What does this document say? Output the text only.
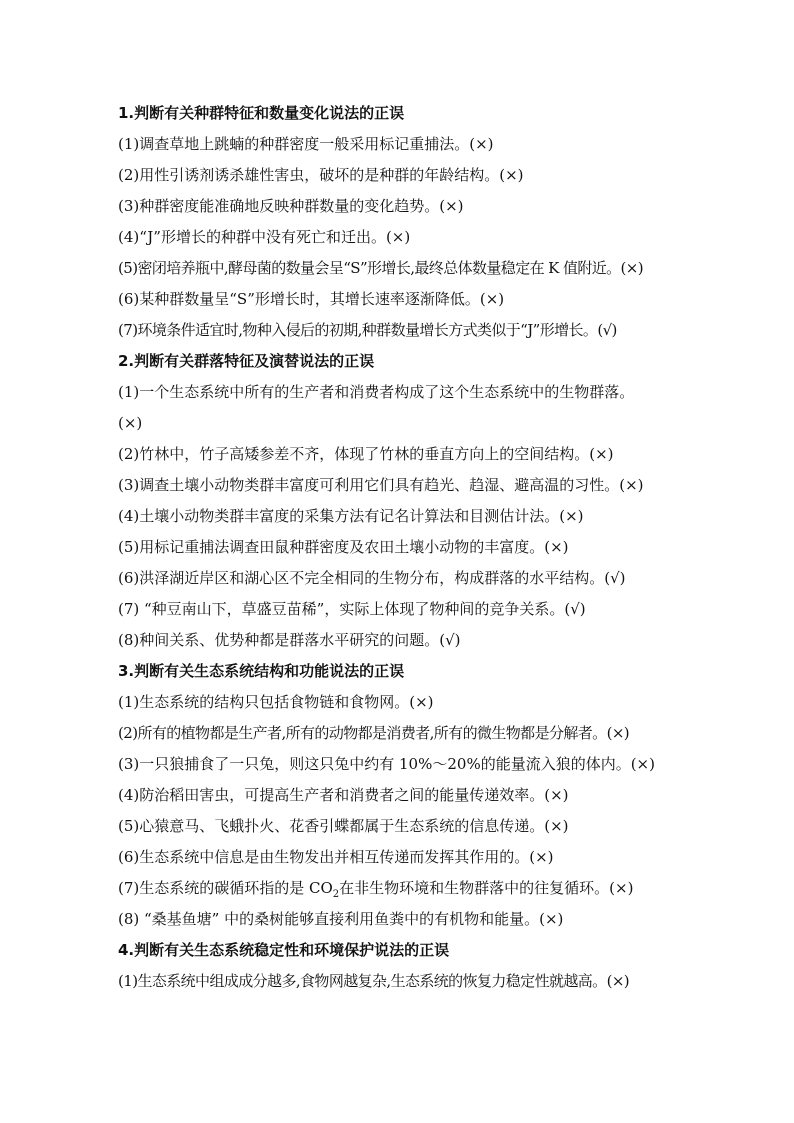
1.判断有关种群特征和数量变化说法的正误
(1)调查草地上跳蝻的种群密度一般采用标记重捕法。(×)
(2)用性引诱剂诱杀雄性害虫，破坏的是种群的年龄结构。(×)
(3)种群密度能准确地反映种群数量的变化趋势。(×)
(4)“J”形增长的种群中没有死亡和迁出。(×)
(5)密闭培养瓶中,酵母菌的数量会呈“S”形增长,最终总体数量稳定在 K 值附近。(×)
(6)某种群数量呈“S”形增长时，其增长速率逐渐降低。(×)
(7)环境条件适宜时,物种入侵后的初期,种群数量增长方式类似于“J”形增长。(√)
2.判断有关群落特征及演替说法的正误
(1)一个生态系统中所有的生产者和消费者构成了这个生态系统中的生物群落。
(×)
(2)竹林中，竹子高矮参差不齐，体现了竹林的垂直方向上的空间结构。(×)
(3)调查土壤小动物类群丰富度可利用它们具有趋光、趋湿、避高温的习性。(×)
(4)土壤小动物类群丰富度的采集方法有记名计算法和目测估计法。(×)
(5)用标记重捕法调查田鼠种群密度及农田土壤小动物的丰富度。(×)
(6)洪泽湖近岸区和湖心区不完全相同的生物分布，构成群落的水平结构。(√)
(7) “种豆南山下，草盛豆苗稀”，实际上体现了物种间的竞争关系。(√)
(8)种间关系、优势种都是群落水平研究的问题。(√)
3.判断有关生态系统结构和功能说法的正误
(1)生态系统的结构只包括食物链和食物网。(×)
(2)所有的植物都是生产者,所有的动物都是消费者,所有的微生物都是分解者。(×)
(3)一只狼捕食了一只兔，则这只兔中约有 10%～20%的能量流入狼的体内。(×)
(4)防治稻田害虫，可提高生产者和消费者之间的能量传递效率。(×)
(5)心猿意马、飞蛾扑火、花香引蝶都属于生态系统的信息传递。(×)
(6)生态系统中信息是由生物发出并相互传递而发挥其作用的。(×)
(7)生态系统的碳循环指的是 $CO_2$在非生物环境和生物群落中的往复循环。(×)
(8) “桑基鱼塘” 中的桑树能够直接利用鱼粪中的有机物和能量。(×)
4.判断有关生态系统稳定性和环境保护说法的正误
(1)生态系统中组成成分越多,食物网越复杂,生态系统的恢复力稳定性就越高。(×)
